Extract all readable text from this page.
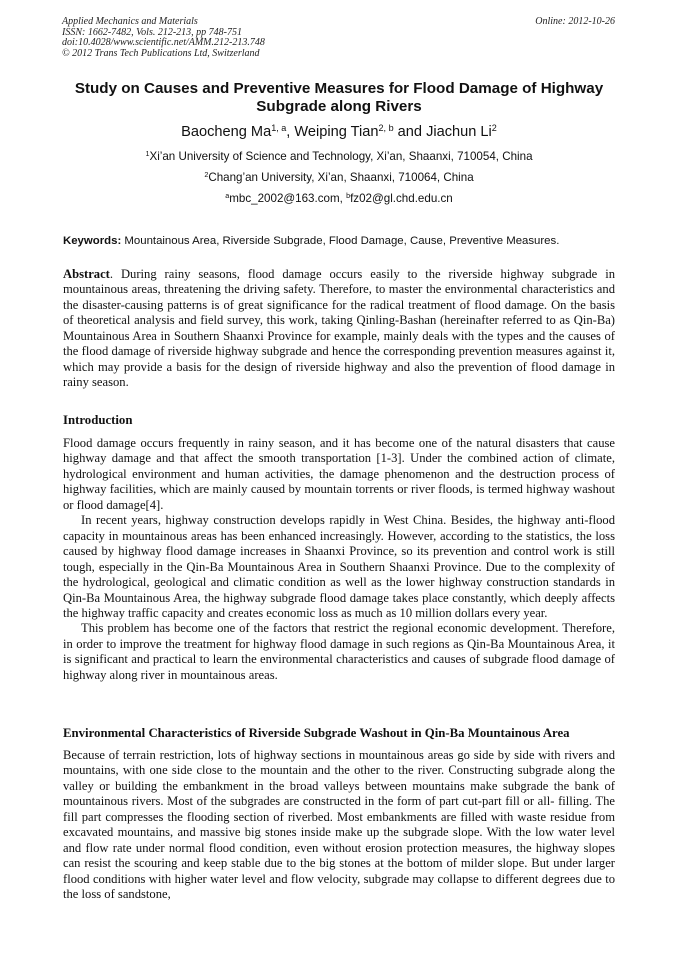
Applied Mechanics and Materials
ISSN: 1662-7482, Vols. 212-213, pp 748-751
doi:10.4028/www.scientific.net/AMM.212-213.748
© 2012 Trans Tech Publications Ltd, Switzerland
Online: 2012-10-26
Study on Causes and Preventive Measures for Flood Damage of Highway
Subgrade along Rivers
Baocheng Ma$^{1, a}$, Weiping Tian$^{2, b}$ and Jiachun Li$^2$
$^1$Xi’an University of Science and Technology, Xi’an, Shaanxi, 710054, China
$^2$Chang’an University, Xi’an, Shaanxi, 710064, China
$^a$mbc_2002@163.com, $^b$fz02@gl.chd.edu.cn
Keywords: Mountainous Area, Riverside Subgrade, Flood Damage, Cause, Preventive Measures.

Abstract. During rainy seasons, flood damage occurs easily to the riverside highway subgrade in mountainous areas, threatening the driving safety. Therefore, to master the environmental characteristics and the disaster-causing patterns is of great significance for the radical treatment of flood damage. On the basis of theoretical analysis and field survey, this work, taking Qinling-Bashan (hereinafter referred to as Qin-Ba) Mountainous Area in Southern Shaanxi Province for example, mainly deals with the types and the causes of the flood damage of riverside highway subgrade and hence the corresponding prevention measures against it, which may provide a basis for the design of riverside highway and also the prevention of flood damage in rainy season.

Introduction

Flood damage occurs frequently in rainy season, and it has become one of the natural disasters that cause highway damage and that affect the smooth transportation [1-3]. Under the combined action of climate, hydrological environment and human activities, the damage phenomenon and the destruction process of highway facilities, which are mainly caused by mountain torrents or river floods, is termed highway washout or flood damage[4].

In recent years, highway construction develops rapidly in West China. Besides, the highway anti-flood capacity in mountainous areas has been enhanced increasingly. However, according to the statistics, the loss caused by highway flood damage increases in Shaanxi Province, so its prevention and control work is still tough, especially in the Qin-Ba Mountainous Area in Southern Shaanxi Province. Due to the complexity of the hydrological, geological and climatic condition as well as the lower highway construction standards in Qin-Ba Mountainous Area, the highway subgrade flood damage takes place constantly, which deeply affects the highway traffic capacity and creates economic loss as much as 10 million dollars every year.

This problem has become one of the factors that restrict the regional economic development. Therefore, in order to improve the treatment for highway flood damage in such regions as Qin-Ba Mountainous Area, it is significant and practical to learn the environmental characteristics and causes of subgrade flood damage of highway along river in mountainous areas.

Environmental Characteristics of Riverside Subgrade Washout in Qin-Ba Mountainous Area

Because of terrain restriction, lots of highway sections in mountainous areas go side by side with rivers and mountains, with one side close to the mountain and the other to the river. Constructing subgrade along the valley or building the embankment in the broad valleys between mountains make subgrade the bank of mountainous rivers. Most of the subgrades are constructed in the form of part cut-part fill or all- filling. The fill part compresses the flooding section of riverbed. Most embankments are filled with waste residue from excavated mountains, and massive big stones inside make up the subgrade slope. With the low water level and flow rate under normal flood condition, even without erosion protection measures, the highway slopes can resist the scouring and keep stable due to the big stones at the bottom of milder slope. But under larger flood conditions with higher water level and flow velocity, subgrade may collapse to different degrees due to the loss of sandstone,
